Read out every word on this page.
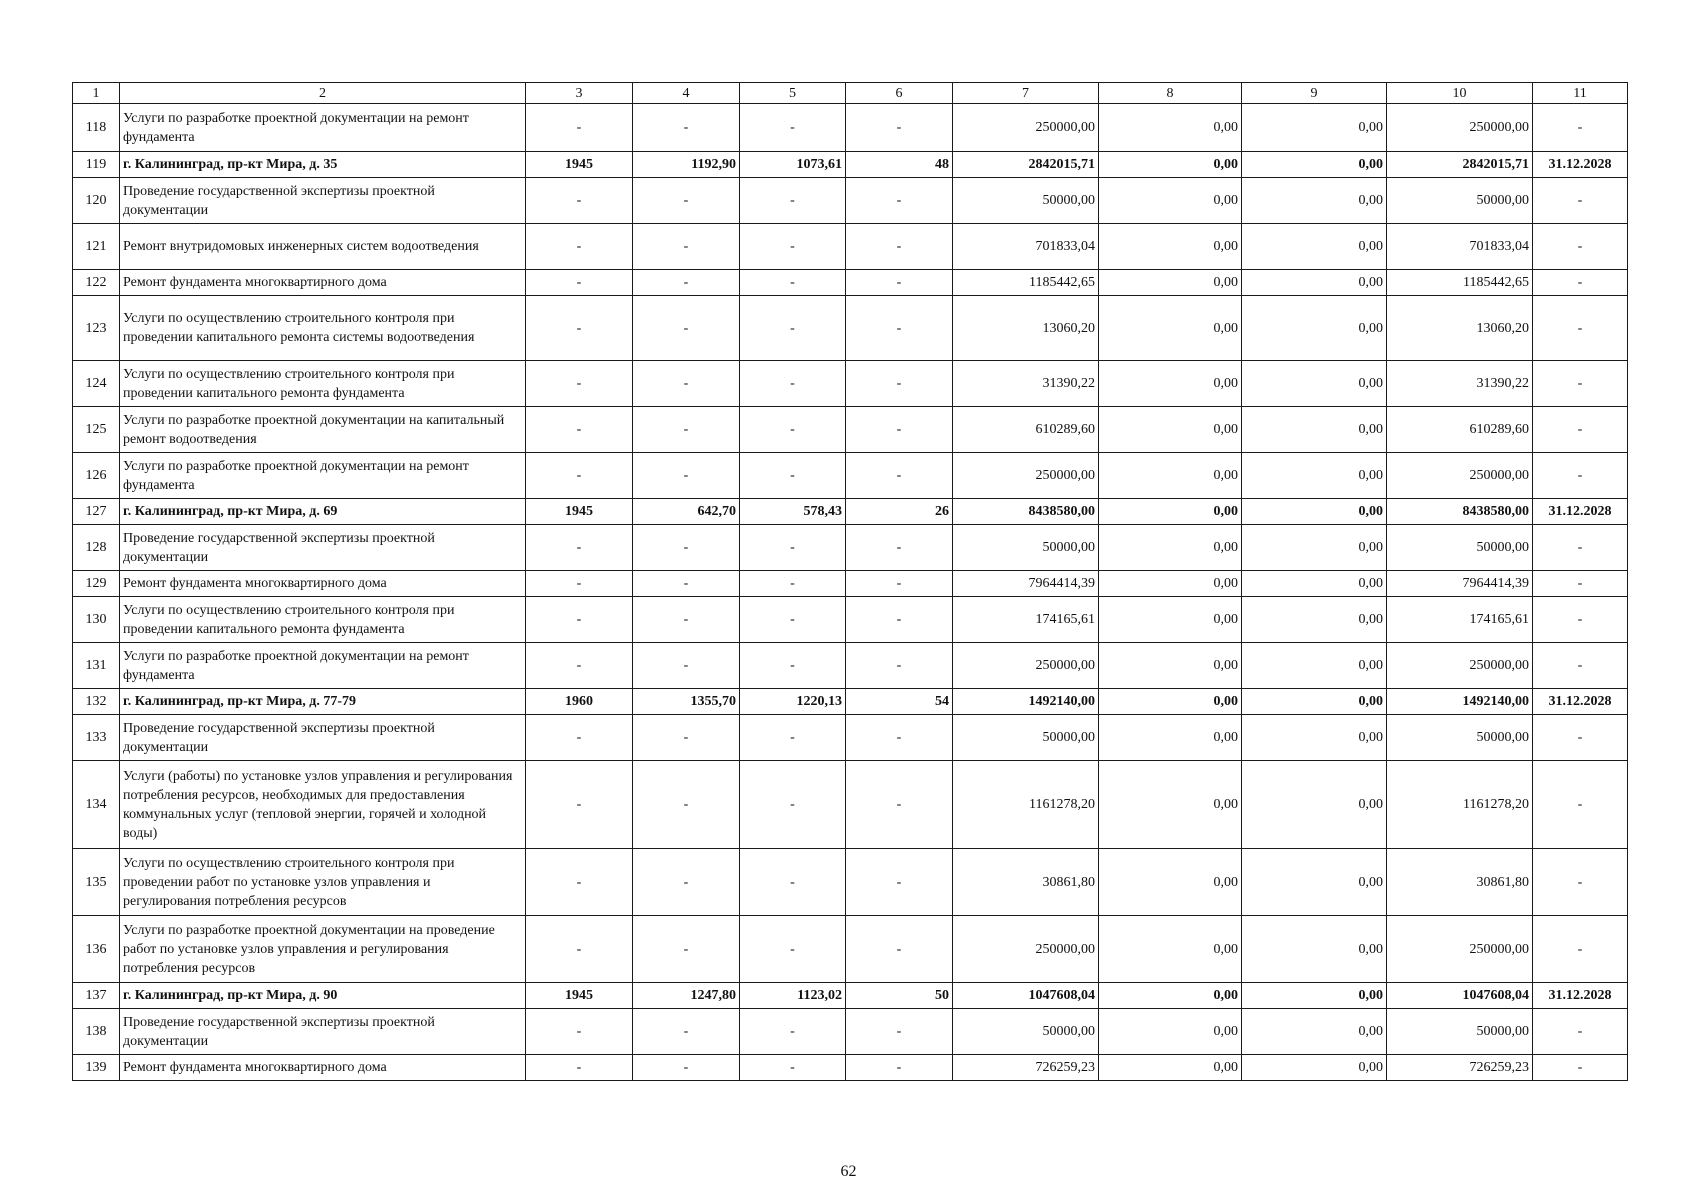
1	2	3	4	5	6	7	8	9	10	11
118	Услуги по разработке проектной документации на ремонт фундамента	-	-	-	-	250000,00	0,00	0,00	250000,00	-
119	г. Калининград, пр-кт Мира, д. 35	1945	1192,90	1073,61	48	2842015,71	0,00	0,00	2842015,71	31.12.2028
120	Проведение государственной экспертизы проектной документации	-	-	-	-	50000,00	0,00	0,00	50000,00	-
121	Ремонт внутридомовых инженерных систем водоотведения	-	-	-	-	701833,04	0,00	0,00	701833,04	-
122	Ремонт фундамента многоквартирного дома	-	-	-	-	1185442,65	0,00	0,00	1185442,65	-
123	Услуги по осуществлению строительного контроля при проведении капитального ремонта системы водоотведения	-	-	-	-	13060,20	0,00	0,00	13060,20	-
124	Услуги по осуществлению строительного контроля при проведении капитального ремонта фундамента	-	-	-	-	31390,22	0,00	0,00	31390,22	-
125	Услуги по разработке проектной документации на капитальный ремонт водоотведения	-	-	-	-	610289,60	0,00	0,00	610289,60	-
126	Услуги по разработке проектной документации на ремонт фундамента	-	-	-	-	250000,00	0,00	0,00	250000,00	-
127	г. Калининград, пр-кт Мира, д. 69	1945	642,70	578,43	26	8438580,00	0,00	0,00	8438580,00	31.12.2028
128	Проведение государственной экспертизы проектной документации	-	-	-	-	50000,00	0,00	0,00	50000,00	-
129	Ремонт фундамента многоквартирного дома	-	-	-	-	7964414,39	0,00	0,00	7964414,39	-
130	Услуги по осуществлению строительного контроля при проведении капитального ремонта фундамента	-	-	-	-	174165,61	0,00	0,00	174165,61	-
131	Услуги по разработке проектной документации на ремонт фундамента	-	-	-	-	250000,00	0,00	0,00	250000,00	-
132	г. Калининград, пр-кт Мира, д. 77-79	1960	1355,70	1220,13	54	1492140,00	0,00	0,00	1492140,00	31.12.2028
133	Проведение государственной экспертизы проектной документации	-	-	-	-	50000,00	0,00	0,00	50000,00	-
134	Услуги (работы) по установке узлов управления и регулирования потребления ресурсов, необходимых для предоставления коммунальных услуг (тепловой энергии, горячей и холодной воды)	-	-	-	-	1161278,20	0,00	0,00	1161278,20	-
135	Услуги по осуществлению строительного контроля при проведении работ по установке узлов управления и регулирования потребления ресурсов	-	-	-	-	30861,80	0,00	0,00	30861,80	-
136	Услуги по разработке проектной документации на проведение работ по установке узлов управления и регулирования потребления ресурсов	-	-	-	-	250000,00	0,00	0,00	250000,00	-
137	г. Калининград, пр-кт Мира, д. 90	1945	1247,80	1123,02	50	1047608,04	0,00	0,00	1047608,04	31.12.2028
138	Проведение государственной экспертизы проектной документации	-	-	-	-	50000,00	0,00	0,00	50000,00	-
139	Ремонт фундамента многоквартирного дома	-	-	-	-	726259,23	0,00	0,00	726259,23	-
62
